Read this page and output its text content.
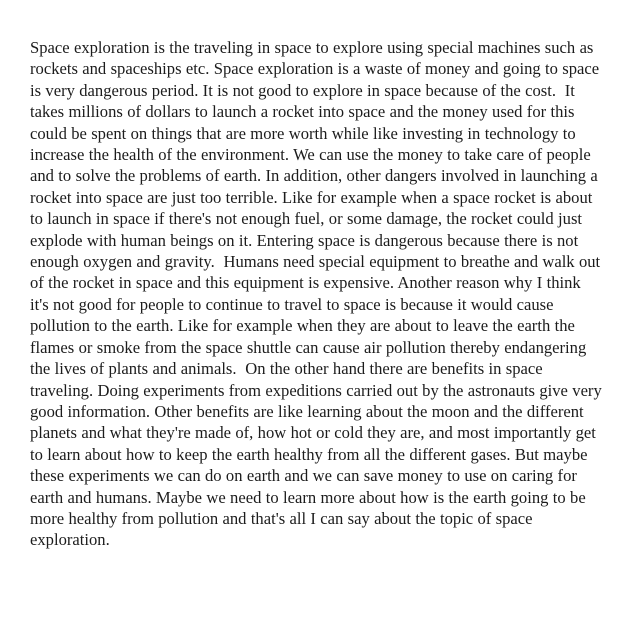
Space exploration is the traveling in space to explore using special machines such as rockets and spaceships etc. Space exploration is a waste of money and going to space is very dangerous period. It is not good to explore in space because of the cost.  It takes millions of dollars to launch a rocket into space and the money used for this could be spent on things that are more worth while like investing in technology to increase the health of the environment. We can use the money to take care of people and to solve the problems of earth. In addition, other dangers involved in launching a rocket into space are just too terrible. Like for example when a space rocket is about to launch in space if there's not enough fuel, or some damage, the rocket could just explode with human beings on it. Entering space is dangerous because there is not enough oxygen and gravity.  Humans need special equipment to breathe and walk out of the rocket in space and this equipment is expensive. Another reason why I think it's not good for people to continue to travel to space is because it would cause pollution to the earth. Like for example when they are about to leave the earth the flames or smoke from the space shuttle can cause air pollution thereby endangering the lives of plants and animals.  On the other hand there are benefits in space traveling. Doing experiments from expeditions carried out by the astronauts give very good information. Other benefits are like learning about the moon and the different planets and what they're made of, how hot or cold they are, and most importantly get to learn about how to keep the earth healthy from all the different gases. But maybe these experiments we can do on earth and we can save money to use on caring for earth and humans. Maybe we need to learn more about how is the earth going to be more healthy from pollution and that's all I can say about the topic of space exploration.
